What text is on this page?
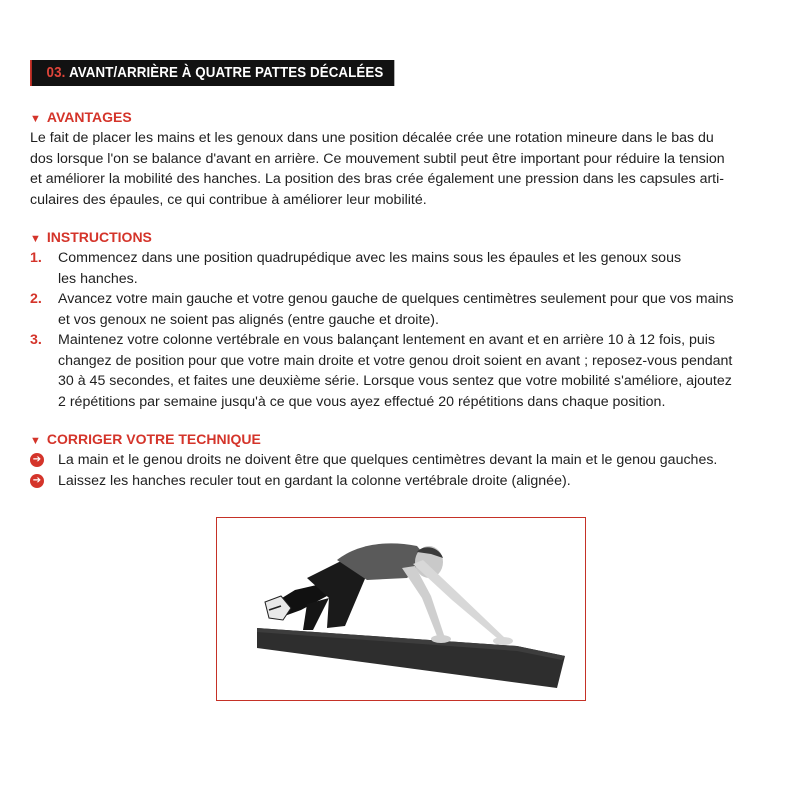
03. AVANT/ARRIÈRE À QUATRE PATTES DÉCALÉES

▼ AVANTAGES

Le fait de placer les mains et les genoux dans une position décalée crée une rotation mineure dans le bas du
dos lorsque l'on se balance d'avant en arrière. Ce mouvement subtil peut être important pour réduire la tension
et améliorer la mobilité des hanches. La position des bras crée également une pression dans les capsules arti-
culaires des épaules, ce qui contribue à améliorer leur mobilité.

▼ INSTRUCTIONS

1.	Commencez dans une position quadrupédique avec les mains sous les épaules et les genoux sous
les hanches.
2.	Avancez votre main gauche et votre genou gauche de quelques centimètres seulement pour que vos mains
et vos genoux ne soient pas alignés (entre gauche et droite).
3.	Maintenez votre colonne vertébrale en vous balançant lentement en avant et en arrière 10 à 12 fois, puis
changez de position pour que votre main droite et votre genou droit soient en avant ; reposez-vous pendant
30 à 45 secondes, et faites une deuxième série. Lorsque vous sentez que votre mobilité s'améliore, ajoutez
2 répétitions par semaine jusqu'à ce que vous ayez effectué 20 répétitions dans chaque position.

▼ CORRIGER VOTRE TECHNIQUE

➔ La main et le genou droits ne doivent être que quelques centimètres devant la main et le genou gauches.
➔ Laissez les hanches reculer tout en gardant la colonne vertébrale droite (alignée).
